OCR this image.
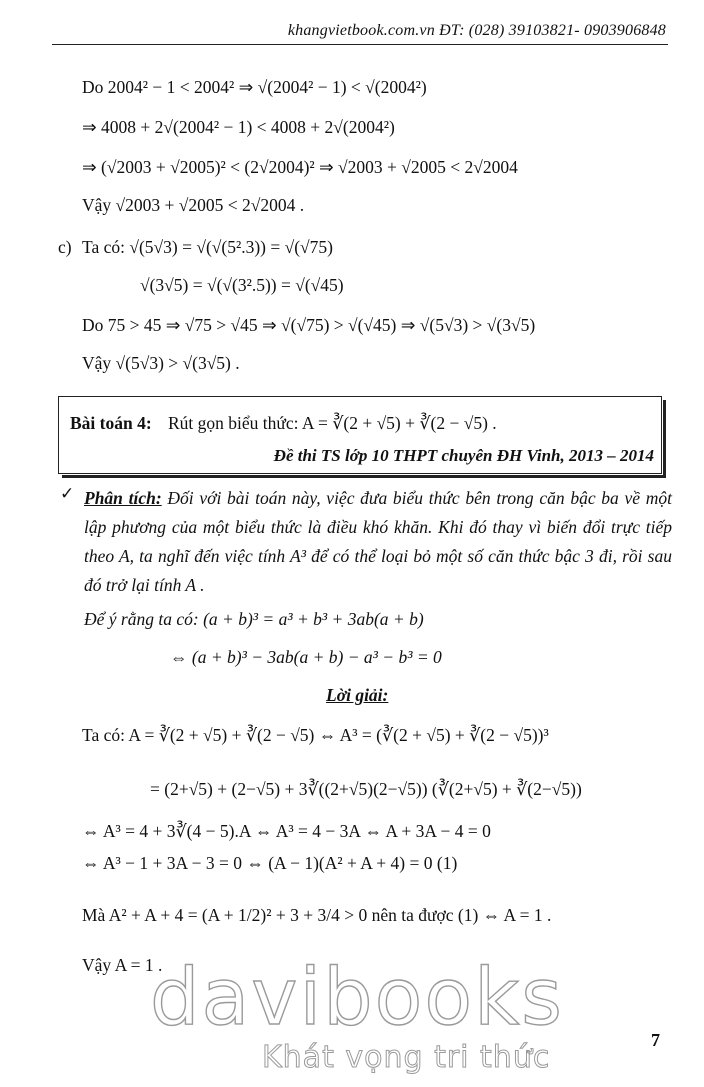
khangvietbook.com.vn ĐT: (028) 39103821- 0903906848
Do 2004² − 1 < 2004² ⇒ √(2004² − 1) < √(2004²)
⇒ 4008 + 2√(2004² − 1) < 4008 + 2√(2004²)
⇒ (√2003 + √2005)² < (2√2004)² ⇒ √2003 + √2005 < 2√2004
Vậy √2003 + √2005 < 2√2004 .
c) Ta có: √(5√3) = √(√(5².3)) = √(√75)
√(3√5) = √(√(3².5)) = √(√45)
Do 75 > 45 ⇒ √75 > √45 ⇒ √(√75) > √(√45) ⇒ √(5√3) > √(3√5)
Vậy √(5√3) > √(3√5) .
Bài toán 4: Rút gọn biểu thức: A = ∛(2 + √5) + ∛(2 − √5) .
Đề thi TS lớp 10 THPT chuyên ĐH Vinh, 2013 – 2014
✓ Phân tích: Đối với bài toán này, việc đưa biểu thức bên trong căn bậc ba về một lập phương của một biểu thức là điều khó khăn. Khi đó thay vì biến đổi trực tiếp theo A, ta nghĩ đến việc tính A³ để có thể loại bỏ một số căn thức bậc 3 đi, rồi sau đó trở lại tính A .
Để ý rằng ta có: (a + b)³ = a³ + b³ + 3ab(a + b)
⇔ (a + b)³ − 3ab(a + b) − a³ − b³ = 0
Lời giải:
Ta có: A = ∛(2 + √5) + ∛(2 − √5) ⇔ A³ = (∛(2 + √5) + ∛(2 − √5))³
= (2+√5) + (2−√5) + 3∛((2+√5)(2−√5)) (∛(2+√5) + ∛(2−√5))
⇔ A³ = 4 + 3∛(4 − 5).A ⇔ A³ = 4 − 3A ⇔ A + 3A − 4 = 0
⇔ A³ − 1 + 3A − 3 = 0 ⇔ (A − 1)(A² + A + 4) = 0 (1)
Mà A² + A + 4 = (A + 1/2)² + 3 + 3/4 > 0 nên ta được (1) ⇔ A = 1 .
Vậy A = 1 .
davibooks
Khát vọng tri thức	7
